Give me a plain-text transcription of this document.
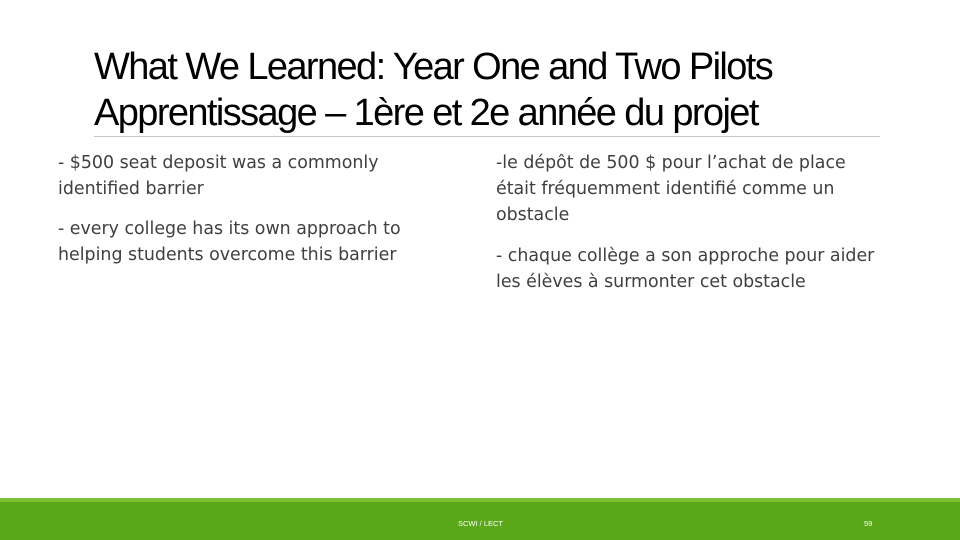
What We Learned: Year One and Two Pilots
Apprentissage – 1ère et 2e année du projet

- $500 seat deposit was a commonly identified barrier

- every college has its own approach to helping students overcome this barrier

-le dépôt de 500 $ pour l’achat de place était fréquemment identifié comme un obstacle

- chaque collège a son approche pour aider les élèves à surmonter cet obstacle

SCWI / LECT	59
